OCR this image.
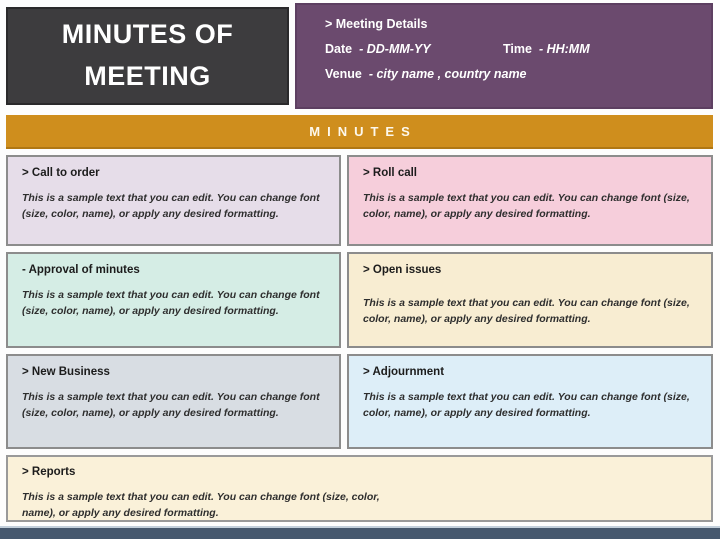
MINUTES OF MEETING
> Meeting Details
Date - DD-MM-YY	Time - HH:MM
Venue - city name , country name
MINUTES
> Call to order
This is a sample text that you can edit. You can change font (size, color, name), or apply any desired formatting.
> Roll call
This is a sample text that you can edit. You can change font (size, color, name), or apply any desired formatting.
- Approval of minutes
This is a sample text that you can edit. You can change font (size, color, name), or apply any desired formatting.
> Open issues
This is a sample text that you can edit. You can change font (size, color, name), or apply any desired formatting.
> New Business
This is a sample text that you can edit. You can change font (size, color, name), or apply any desired formatting.
> Adjournment
This is a sample text that you can edit. You can change font (size, color, name), or apply any desired formatting.
> Reports
This is a sample text that you can edit. You can change font (size, color, name), or apply any desired formatting.
